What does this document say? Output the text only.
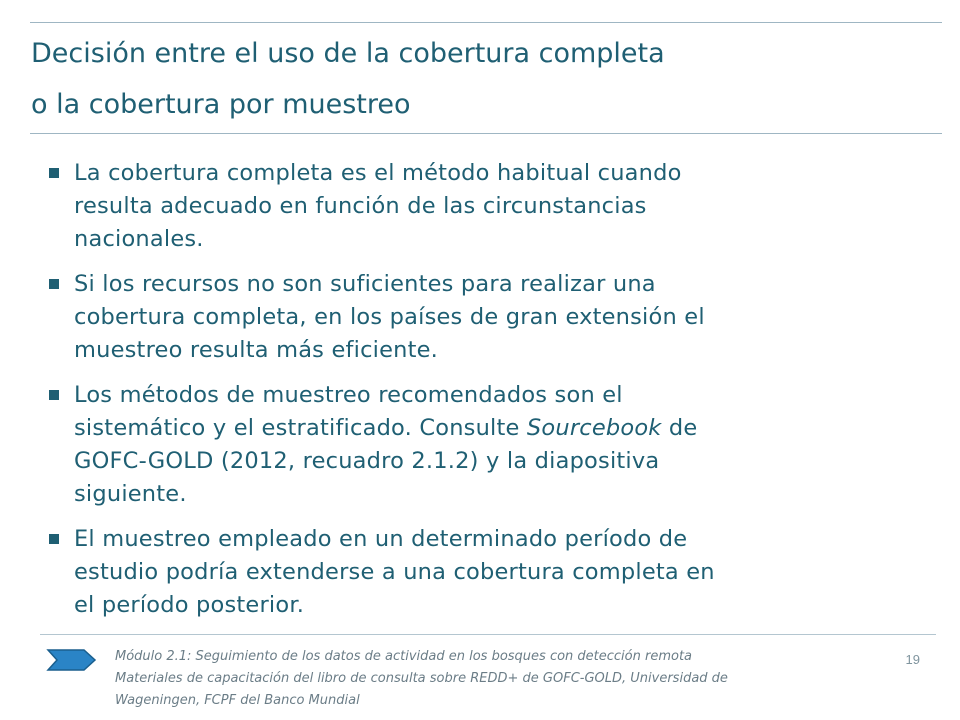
Decisión entre el uso de la cobertura completa
o la cobertura por muestreo
La cobertura completa es el método habitual cuando
resulta adecuado en función de las circunstancias
nacionales.
Si los recursos no son suficientes para realizar una
cobertura completa, en los países de gran extensión el
muestreo resulta más eficiente.
Los métodos de muestreo recomendados son el
sistemático y el estratificado. Consulte Sourcebook de
GOFC-GOLD (2012, recuadro 2.1.2) y la diapositiva
siguiente.
El muestreo empleado en un determinado período de
estudio podría extenderse a una cobertura completa en
el período posterior.
Módulo 2.1: Seguimiento de los datos de actividad en los bosques con detección remota
Materiales de capacitación del libro de consulta sobre REDD+ de GOFC-GOLD, Universidad de
Wageningen, FCPF del Banco Mundial
19
